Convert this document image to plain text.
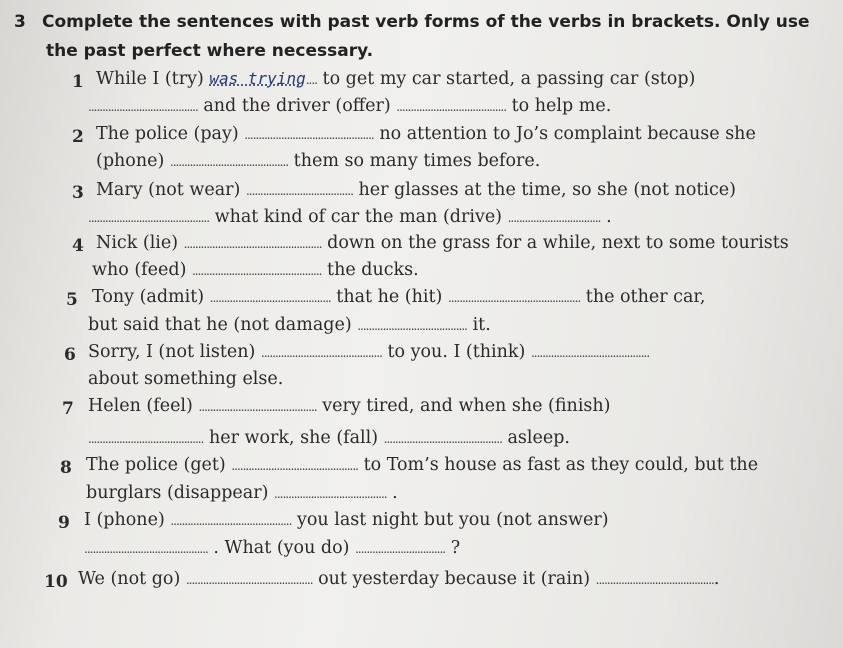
3 Complete the sentences with past verb forms of the verbs in brackets. Only use
the past perfect where necessary.
1 While I (try) was trying.... to get my car started, a passing car (stop)
....................................... and the driver (offer) ....................................... to help me.
2 The police (pay) .............................................. no attention to Jo’s complaint because she
(phone) .......................................... them so many times before.
3 Mary (not wear) ...................................... her glasses at the time, so she (not notice)
........................................... what kind of car the man (drive) ................................. .
4 Nick (lie) ................................................. down on the grass for a while, next to some tourists
who (feed) .............................................. the ducks.
5 Tony (admit) ........................................... that he (hit) ............................................... the other car,
but said that he (not damage) ....................................... it.
6 Sorry, I (not listen) ........................................... to you. I (think) ..........................................
about something else.
7 Helen (feel) .......................................... very tired, and when she (finish)
......................................... her work, she (fall) .......................................... asleep.
8 The police (get) ............................................. to Tom’s house as fast as they could, but the
burglars (disappear) ........................................ .
9 I (phone) ........................................... you last night but you (not answer)
............................................ . What (you do) ................................ ?
10 We (not go) ............................................. out yesterday because it (rain) ...........................................
